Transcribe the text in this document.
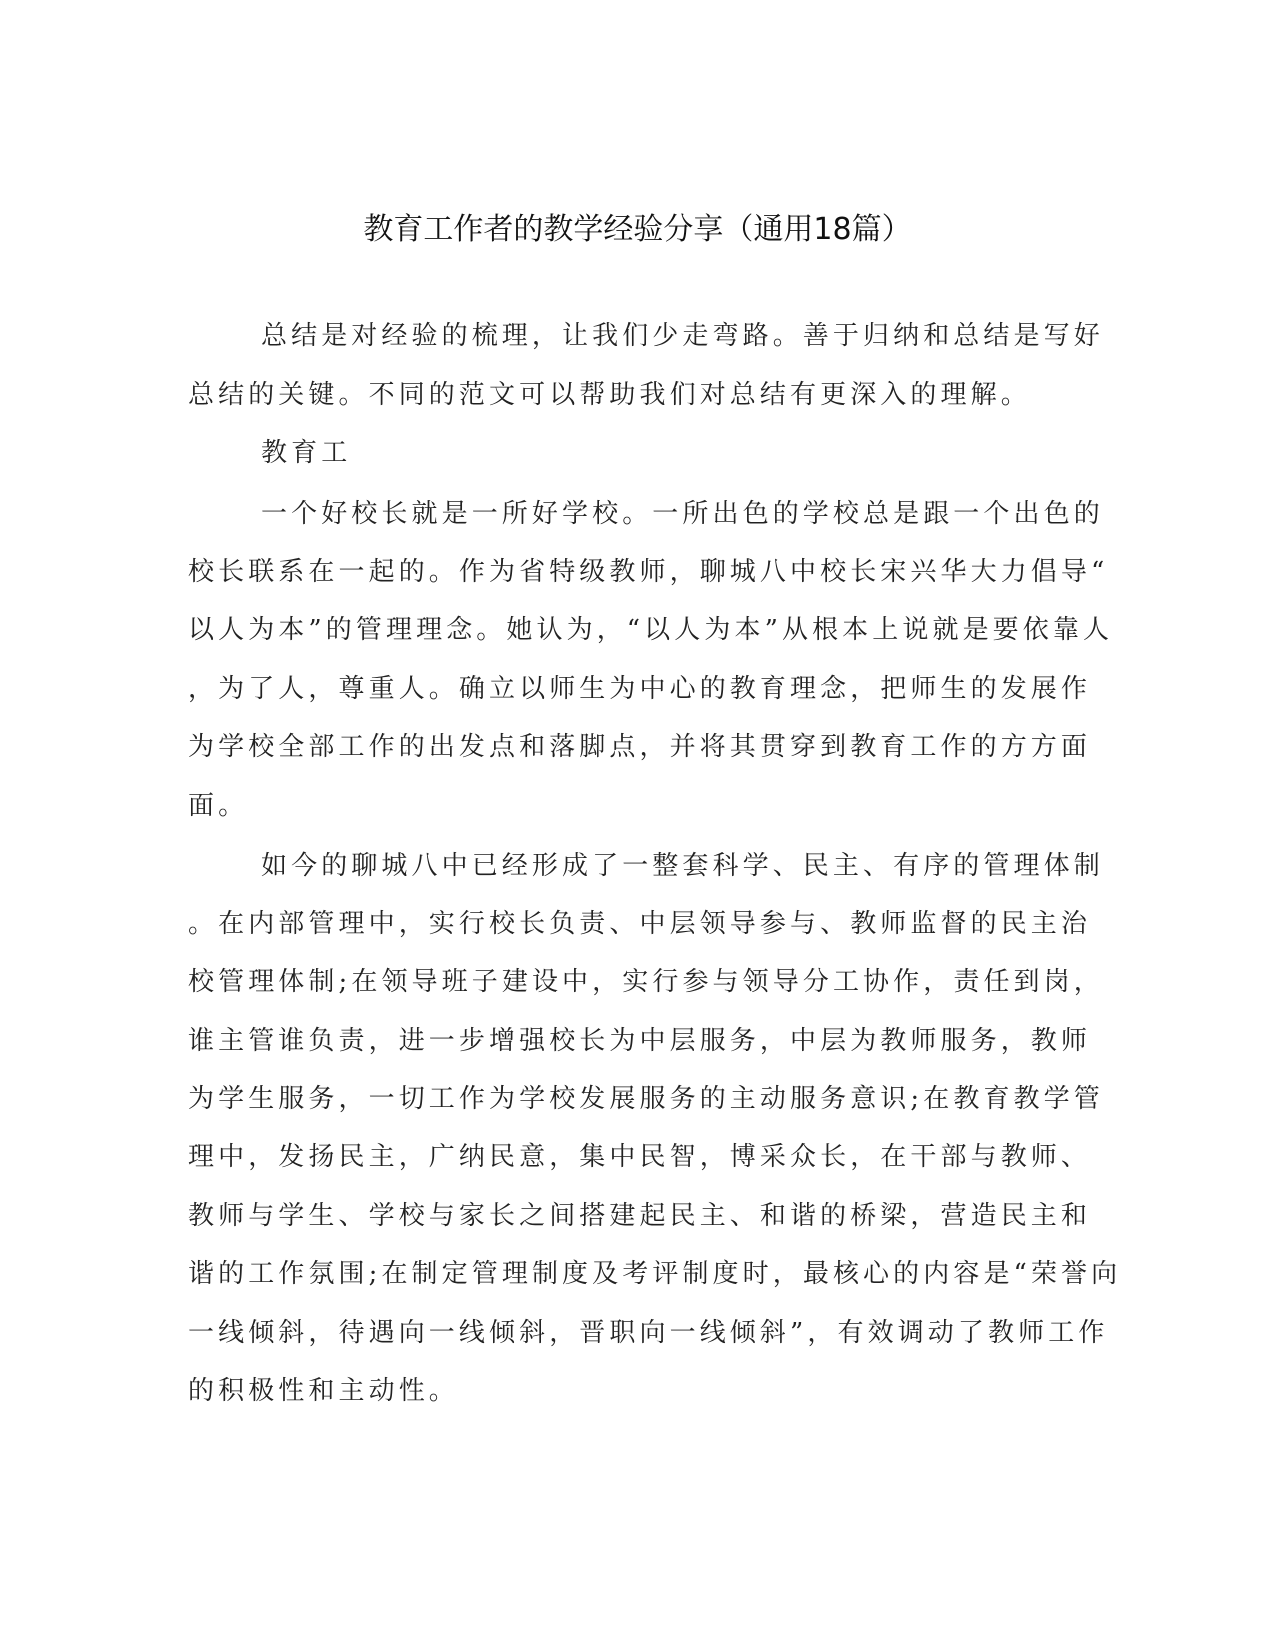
教育工作者的教学经验分享（通用18篇）

总结是对经验的梳理，让我们少走弯路。善于归纳和总结是写好

总结的关键。不同的范文可以帮助我们对总结有更深入的理解。

教育工

一个好校长就是一所好学校。一所出色的学校总是跟一个出色的

校长联系在一起的。作为省特级教师，聊城八中校长宋兴华大力倡导“

以人为本”的管理理念。她认为，“以人为本”从根本上说就是要依靠人

，为了人，尊重人。确立以师生为中心的教育理念，把师生的发展作

为学校全部工作的出发点和落脚点，并将其贯穿到教育工作的方方面

面。

如今的聊城八中已经形成了一整套科学、民主、有序的管理体制

。在内部管理中，实行校长负责、中层领导参与、教师监督的民主治

校管理体制;在领导班子建设中，实行参与领导分工协作，责任到岗，

谁主管谁负责，进一步增强校长为中层服务，中层为教师服务，教师

为学生服务，一切工作为学校发展服务的主动服务意识;在教育教学管

理中，发扬民主，广纳民意，集中民智，博采众长，在干部与教师、

教师与学生、学校与家长之间搭建起民主、和谐的桥梁，营造民主和

谐的工作氛围;在制定管理制度及考评制度时，最核心的内容是“荣誉向

一线倾斜，待遇向一线倾斜，晋职向一线倾斜”，有效调动了教师工作

的积极性和主动性。
